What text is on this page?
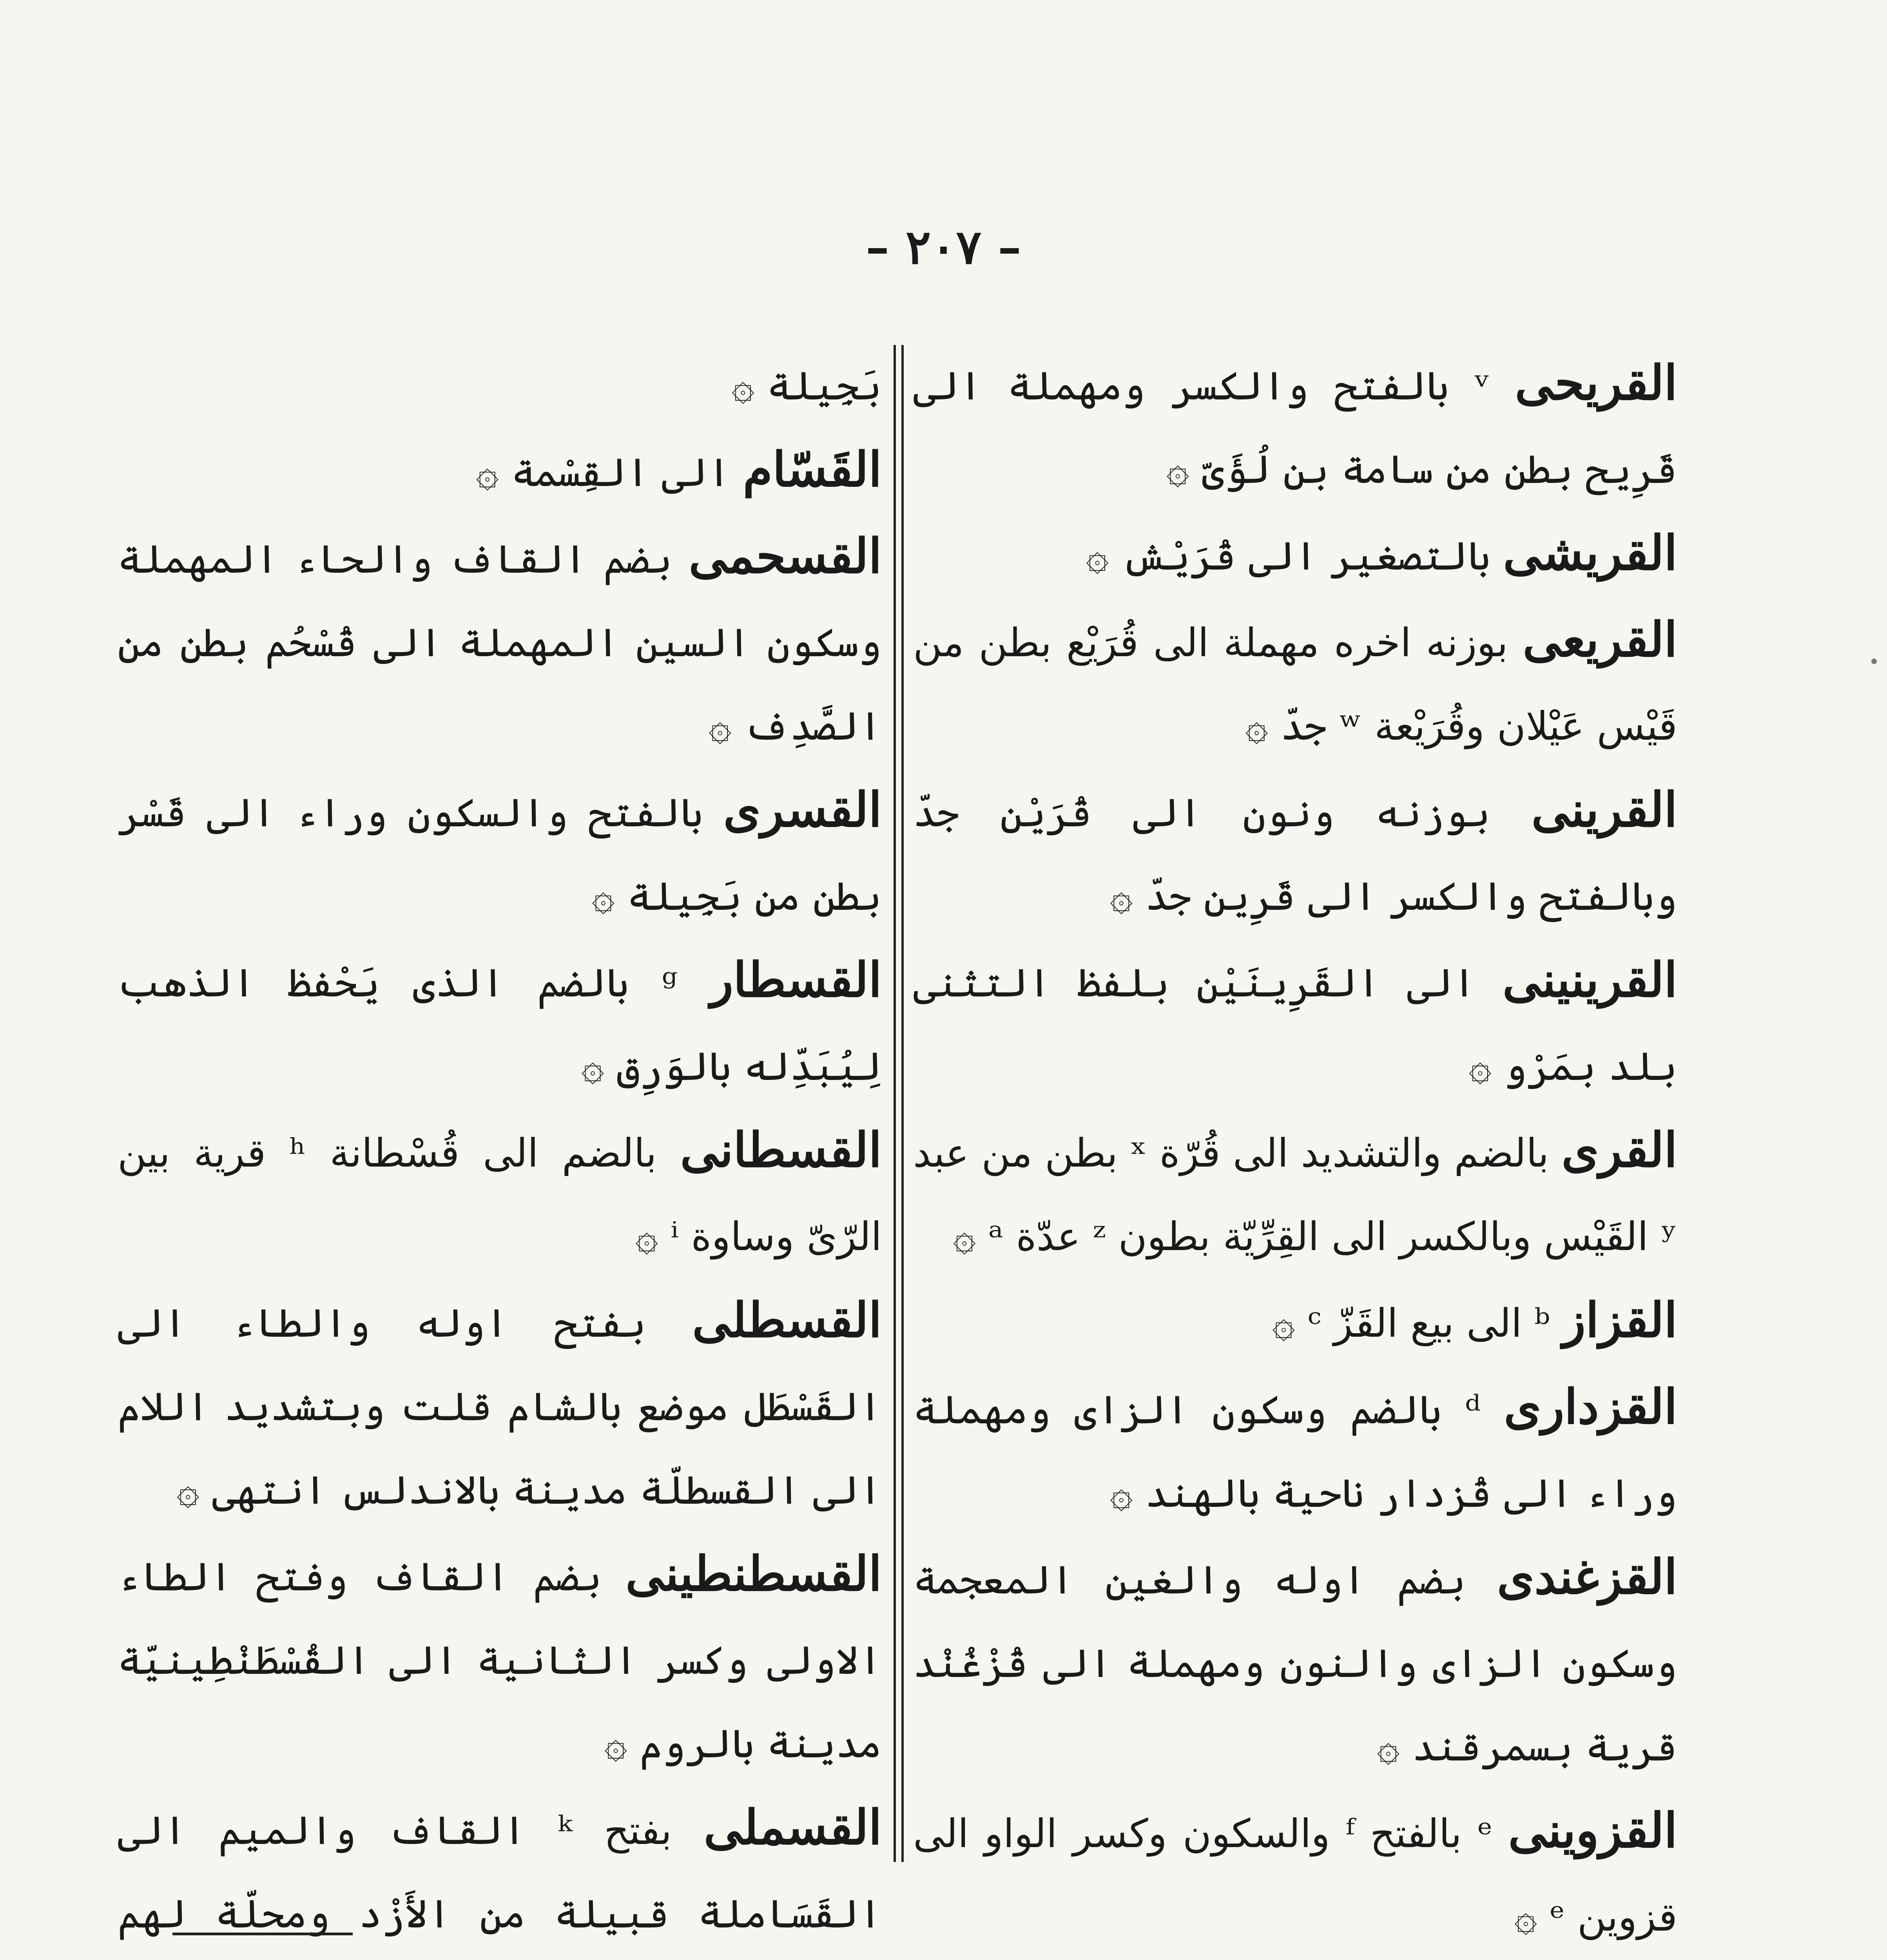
– ٢٠٧ –

القريحى ᵛ بالفتح والكسر ومهملة الى قَرِيح بطن من سامة بن لُؤَىّ ۞

القريشى بالتصغير الى قُرَيْش ۞

القريعى بوزنه اخره مهملة الى قُرَيْع بطن من قَيْس عَيْلان وقُرَيْعة ʷ جدّ ۞

القرينى بوزنه ونون الى قُرَيْن جدّ وبالفتح والكسر الى قَرِين جدّ ۞

القرينينى الى القَرِينَيْن بلفظ التثنى بلد بمَرْو ۞

القرى بالضم والتشديد الى قُرّة ˣ بطن من عبد ʸ القَيْس وبالكسر الى القِرِّيّة بطون ᶻ عدّة ᵃ ۞

القزاز ᵇ الى بيع القَزّ ᶜ ۞

القزدارى ᵈ بالضم وسكون الزاى ومهملة وراء الى قُزدار ناحية بالهند ۞

القزغندى بضم اوله والغين المعجمة وسكون الزاى والنون ومهملة الى قُزْغُنْد قرية بسمرقند ۞

القزوينى ᵉ بالفتح ᶠ والسكون وكسر الواو الى قزوين ᵉ ۞

بَجِيلة ۞

القَسّام الى القِسْمة ۞

القسحمى بضم القاف والحاء المهملة وسكون السين المهملة الى قُسْحُم بطن من الصَّدِف ۞

القسرى بالفتح والسكون وراء الى قَسْر بطن من بَجِيلة ۞

القسطار ᵍ بالضم الذى يَحْفظ الذهب لِيُبَدِّله بالوَرِق ۞

القسطانى بالضم الى قُسْطانة ʰ قرية بين الرّىّ وساوة ⁱ ۞

القسطلى بفتح اوله والطاء الى القَسْطَل موضع بالشام قلت وبتشديد اللام الى القسطلّة مدينة بالاندلس انتهى ۞

القسطنطينى بضم القاف وفتح الطاء الاولى وكسر الثانية الى القُسْطَنْطِينيّة مدينة بالروم ۞

القسملى بفتح ᵏ القاف والميم الى القَسَاملة قبيلة من الأَزْد ومحلّة لهم
